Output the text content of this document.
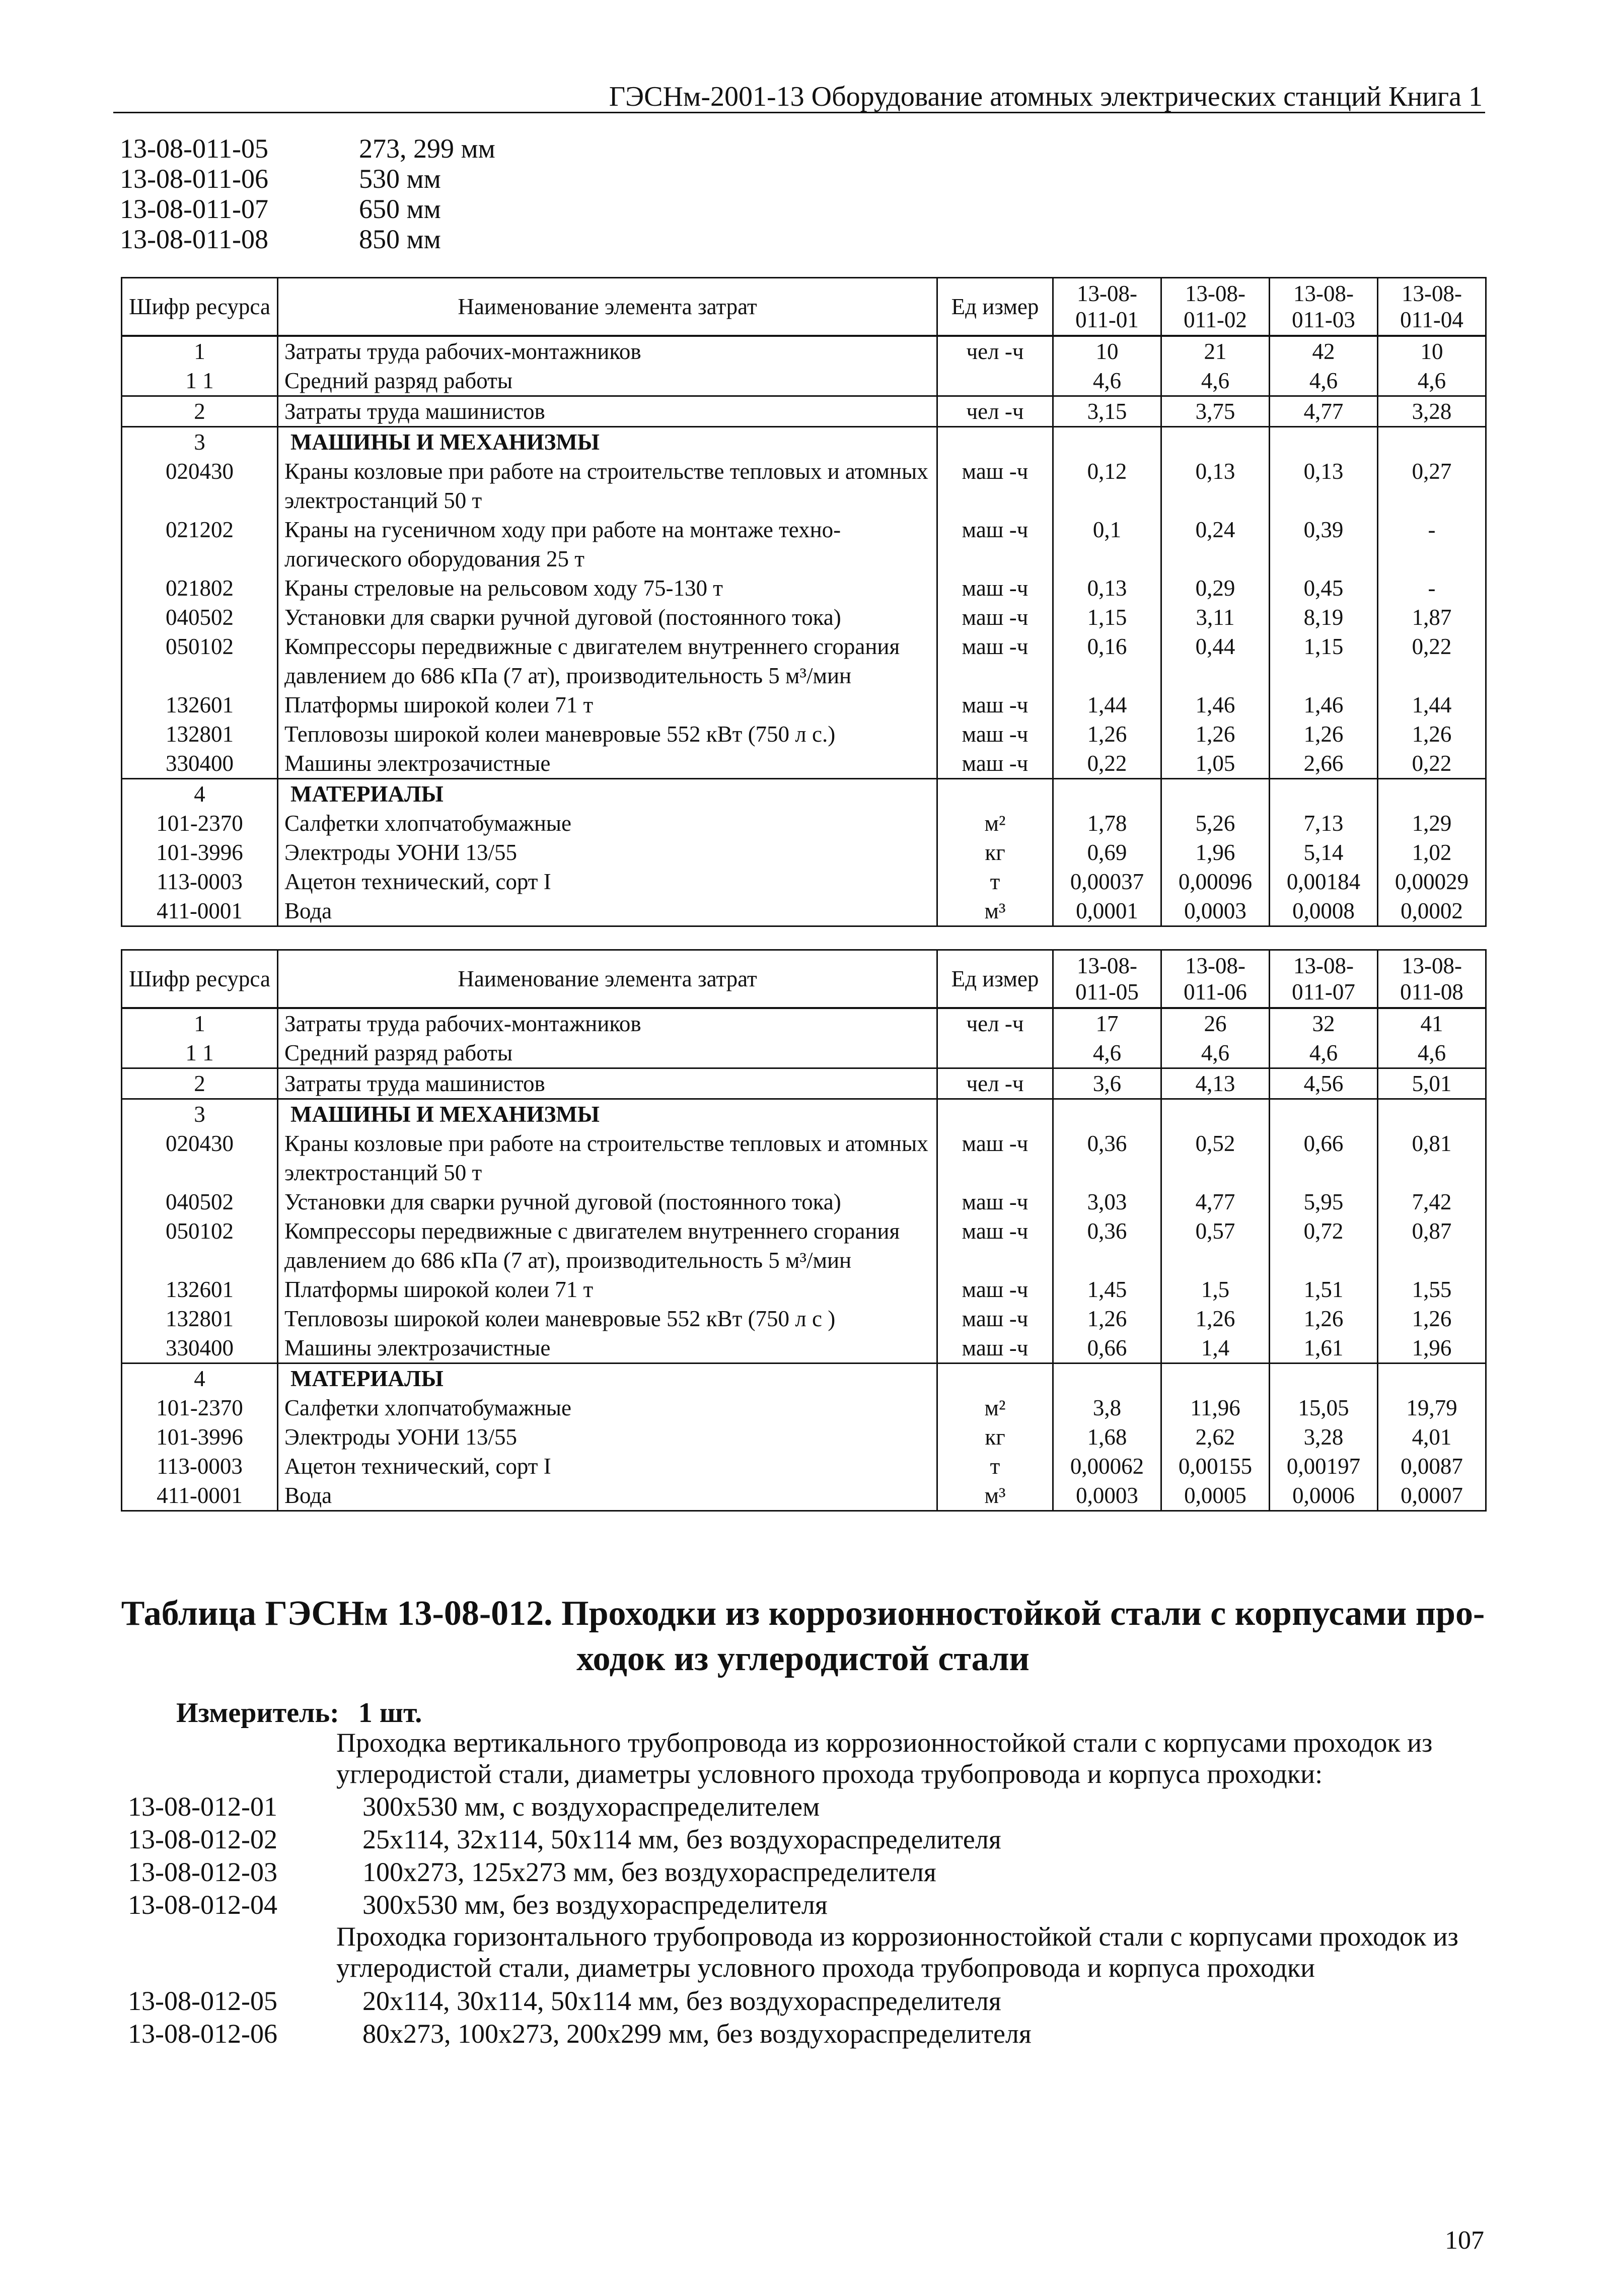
ГЭСНм-2001-13 Оборудование атомных электрических станций Книга 1
13-08-011-05	273, 299 мм
13-08-011-06	530 мм
13-08-011-07	650 мм
13-08-011-08	850 мм
Шифр ресурса	Наименование элемента затрат	Ед измер	13-08-011-01	13-08-011-02	13-08-011-03	13-08-011-04
1	Затраты труда рабочих-монтажников	чел -ч	10	21	42	10
1 1	Средний разряд работы		4,6	4,6	4,6	4,6
2	Затраты труда машинистов	чел -ч	3,15	3,75	4,77	3,28
3	МАШИНЫ И МЕХАНИЗМЫ					
020430	Краны козловые при работе на строительстве тепловых и атомных электростанций 50 т	маш -ч	0,12	0,13	0,13	0,27
021202	Краны на гусеничном ходу при работе на монтаже техно-логического оборудования 25 т	маш -ч	0,1	0,24	0,39	-
021802	Краны стреловые на рельсовом ходу 75-130 т	маш -ч	0,13	0,29	0,45	-
040502	Установки для сварки ручной дуговой (постоянного тока)	маш -ч	1,15	3,11	8,19	1,87
050102	Компрессоры передвижные с двигателем внутреннего сгорания давлением до 686 кПа (7 ат), производительность 5 м³/мин	маш -ч	0,16	0,44	1,15	0,22
132601	Платформы широкой колеи 71 т	маш -ч	1,44	1,46	1,46	1,44
132801	Тепловозы широкой колеи маневровые 552 кВт (750 л с.)	маш -ч	1,26	1,26	1,26	1,26
330400	Машины электрозачистные	маш -ч	0,22	1,05	2,66	0,22
4	МАТЕРИАЛЫ					
101-2370	Салфетки хлопчатобумажные	м²	1,78	5,26	7,13	1,29
101-3996	Электроды УОНИ 13/55	кг	0,69	1,96	5,14	1,02
113-0003	Ацетон технический, сорт I	т	0,00037	0,00096	0,00184	0,00029
411-0001	Вода	м³	0,0001	0,0003	0,0008	0,0002
Шифр ресурса	Наименование элемента затрат	Ед измер	13-08-011-05	13-08-011-06	13-08-011-07	13-08-011-08
1	Затраты труда рабочих-монтажников	чел -ч	17	26	32	41
1 1	Средний разряд работы		4,6	4,6	4,6	4,6
2	Затраты труда машинистов	чел -ч	3,6	4,13	4,56	5,01
3	МАШИНЫ И МЕХАНИЗМЫ					
020430	Краны козловые при работе на строительстве тепловых и атомных электростанций 50 т	маш -ч	0,36	0,52	0,66	0,81
040502	Установки для сварки ручной дуговой (постоянного тока)	маш -ч	3,03	4,77	5,95	7,42
050102	Компрессоры передвижные с двигателем внутреннего сгорания давлением до 686 кПа (7 ат), производительность 5 м³/мин	маш -ч	0,36	0,57	0,72	0,87
132601	Платформы широкой колеи 71 т	маш -ч	1,45	1,5	1,51	1,55
132801	Тепловозы широкой колеи маневровые 552 кВт (750 л с )	маш -ч	1,26	1,26	1,26	1,26
330400	Машины электрозачистные	маш -ч	0,66	1,4	1,61	1,96
4	МАТЕРИАЛЫ					
101-2370	Салфетки хлопчатобумажные	м²	3,8	11,96	15,05	19,79
101-3996	Электроды УОНИ 13/55	кг	1,68	2,62	3,28	4,01
113-0003	Ацетон технический, сорт I	т	0,00062	0,00155	0,00197	0,0087
411-0001	Вода	м³	0,0003	0,0005	0,0006	0,0007
Таблица ГЭСНм 13-08-012. Проходки из коррозионностойкой стали с корпусами про-
ходок из углеродистой стали
Измеритель: 1 шт.
Проходка вертикального трубопровода из коррозионностойкой стали с корпусами проходок из углеродистой стали, диаметры условного прохода трубопровода и корпуса проходки:
13-08-012-01	300х530 мм, с воздухораспределителем
13-08-012-02	25х114, 32х114, 50х114 мм, без воздухораспределителя
13-08-012-03	100х273, 125х273 мм, без воздухораспределителя
13-08-012-04	300х530 мм, без воздухораспределителя
Проходка горизонтального трубопровода из коррозионностойкой стали с корпусами проходок из углеродистой стали, диаметры условного прохода трубопровода и корпуса проходки
13-08-012-05	20х114, 30х114, 50х114 мм, без воздухораспределителя
13-08-012-06	80х273, 100х273, 200х299 мм, без воздухораспределителя
107
